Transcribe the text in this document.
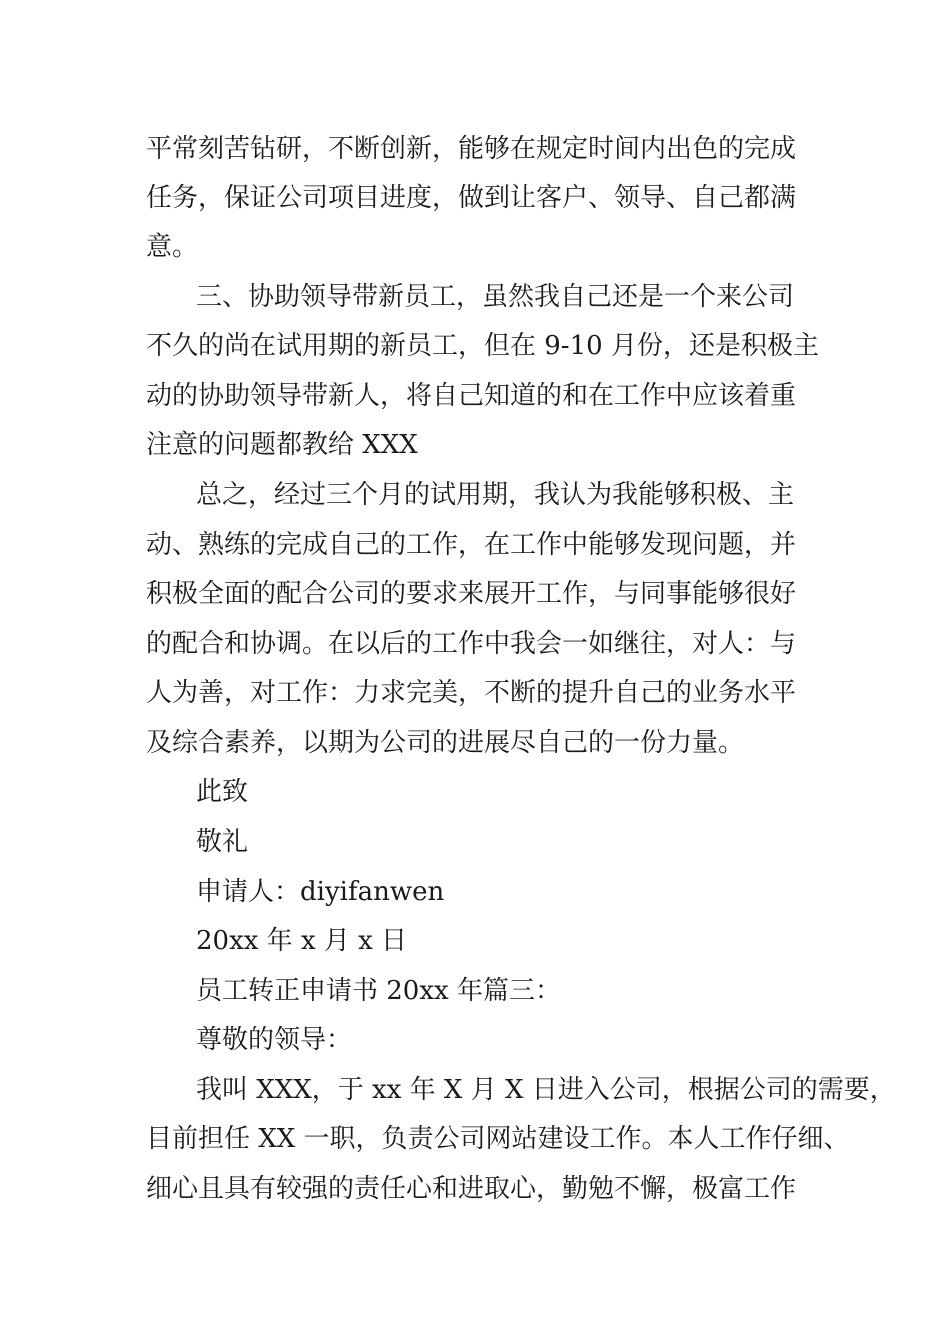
平常刻苦钻研，不断创新，能够在规定时间内出色的完成
任务，保证公司项目进度，做到让客户、领导、自己都满
意。
三、协助领导带新员工，虽然我自己还是一个来公司
不久的尚在试用期的新员工，但在 9-10 月份，还是积极主
动的协助领导带新人，将自己知道的和在工作中应该着重
注意的问题都教给 XXX
总之，经过三个月的试用期，我认为我能够积极、主
动、熟练的完成自己的工作，在工作中能够发现问题，并
积极全面的配合公司的要求来展开工作，与同事能够很好
的配合和协调。在以后的工作中我会一如继往，对人：与
人为善，对工作：力求完美，不断的提升自己的业务水平
及综合素养，以期为公司的进展尽自己的一份力量。
此致
敬礼
申请人：diyifanwen
20xx 年 x 月 x 日
员工转正申请书 20xx 年篇三：
尊敬的领导：
我叫 XXX，于 xx 年 X 月 X 日进入公司，根据公司的需要，
目前担任 XX 一职，负责公司网站建设工作。本人工作仔细、
细心且具有较强的责任心和进取心，勤勉不懈，极富工作
